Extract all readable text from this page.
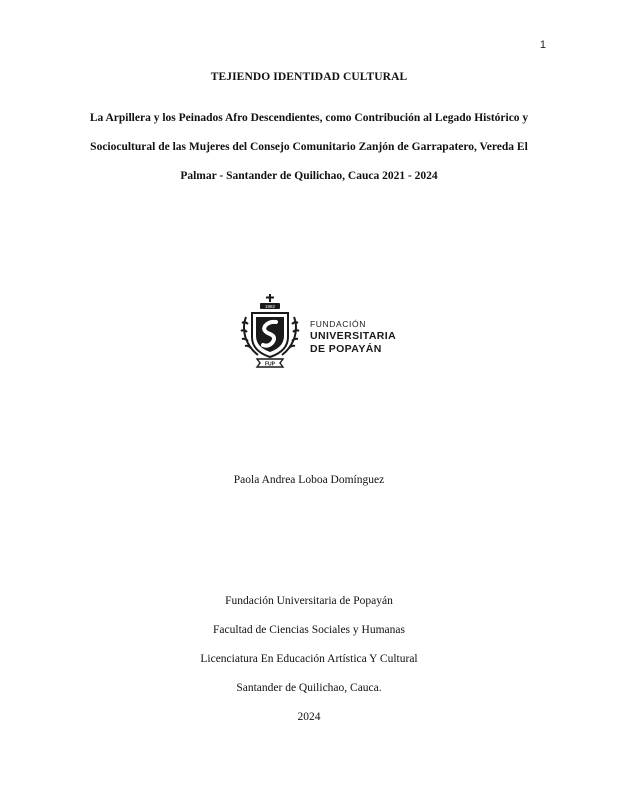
1
TEJIENDO IDENTIDAD CULTURAL
La Arpillera y los Peinados Afro Descendientes, como Contribución al Legado Histórico y
Sociocultural de las Mujeres del Consejo Comunitario Zanjón de Garrapatero, Vereda El
Palmar - Santander de Quilichao, Cauca 2021 - 2024
1982
FUP
FUNDACIÓN
UNIVERSITARIA
DE POPAYÁN
Paola Andrea Loboa Domínguez
Fundación Universitaria de Popayán
Facultad de Ciencias Sociales y Humanas
Licenciatura En Educación Artística Y Cultural
Santander de Quilichao, Cauca.
2024
